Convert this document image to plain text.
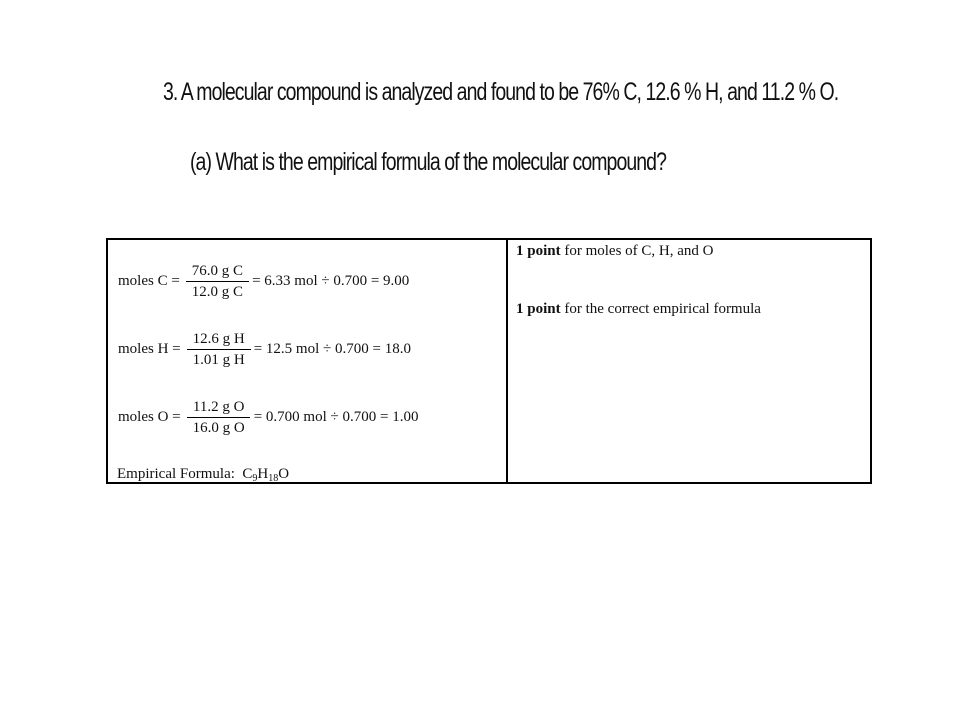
3. A molecular compound is analyzed and found to be 76% C, 12.6 % H, and 11.2 % O.
(a) What is the empirical formula of the molecular compound?
moles $C = \frac{\text{76.0 g C}}{\text{12.0 g C}} = 6.33$ mol ÷ 0.700 = 9.00
moles $H = \frac{\text{12.6 g H}}{\text{1.01 g H}} = 12.5$ mol ÷ 0.700 = 18.0
moles $O = \frac{\text{11.2 g O}}{\text{16.0 g O}} = 0.700$ mol ÷ 0.700 = 1.00
Empirical Formula: $C_9H_{18}O$
1 point for moles of C, H, and O
1 point for the correct empirical formula
